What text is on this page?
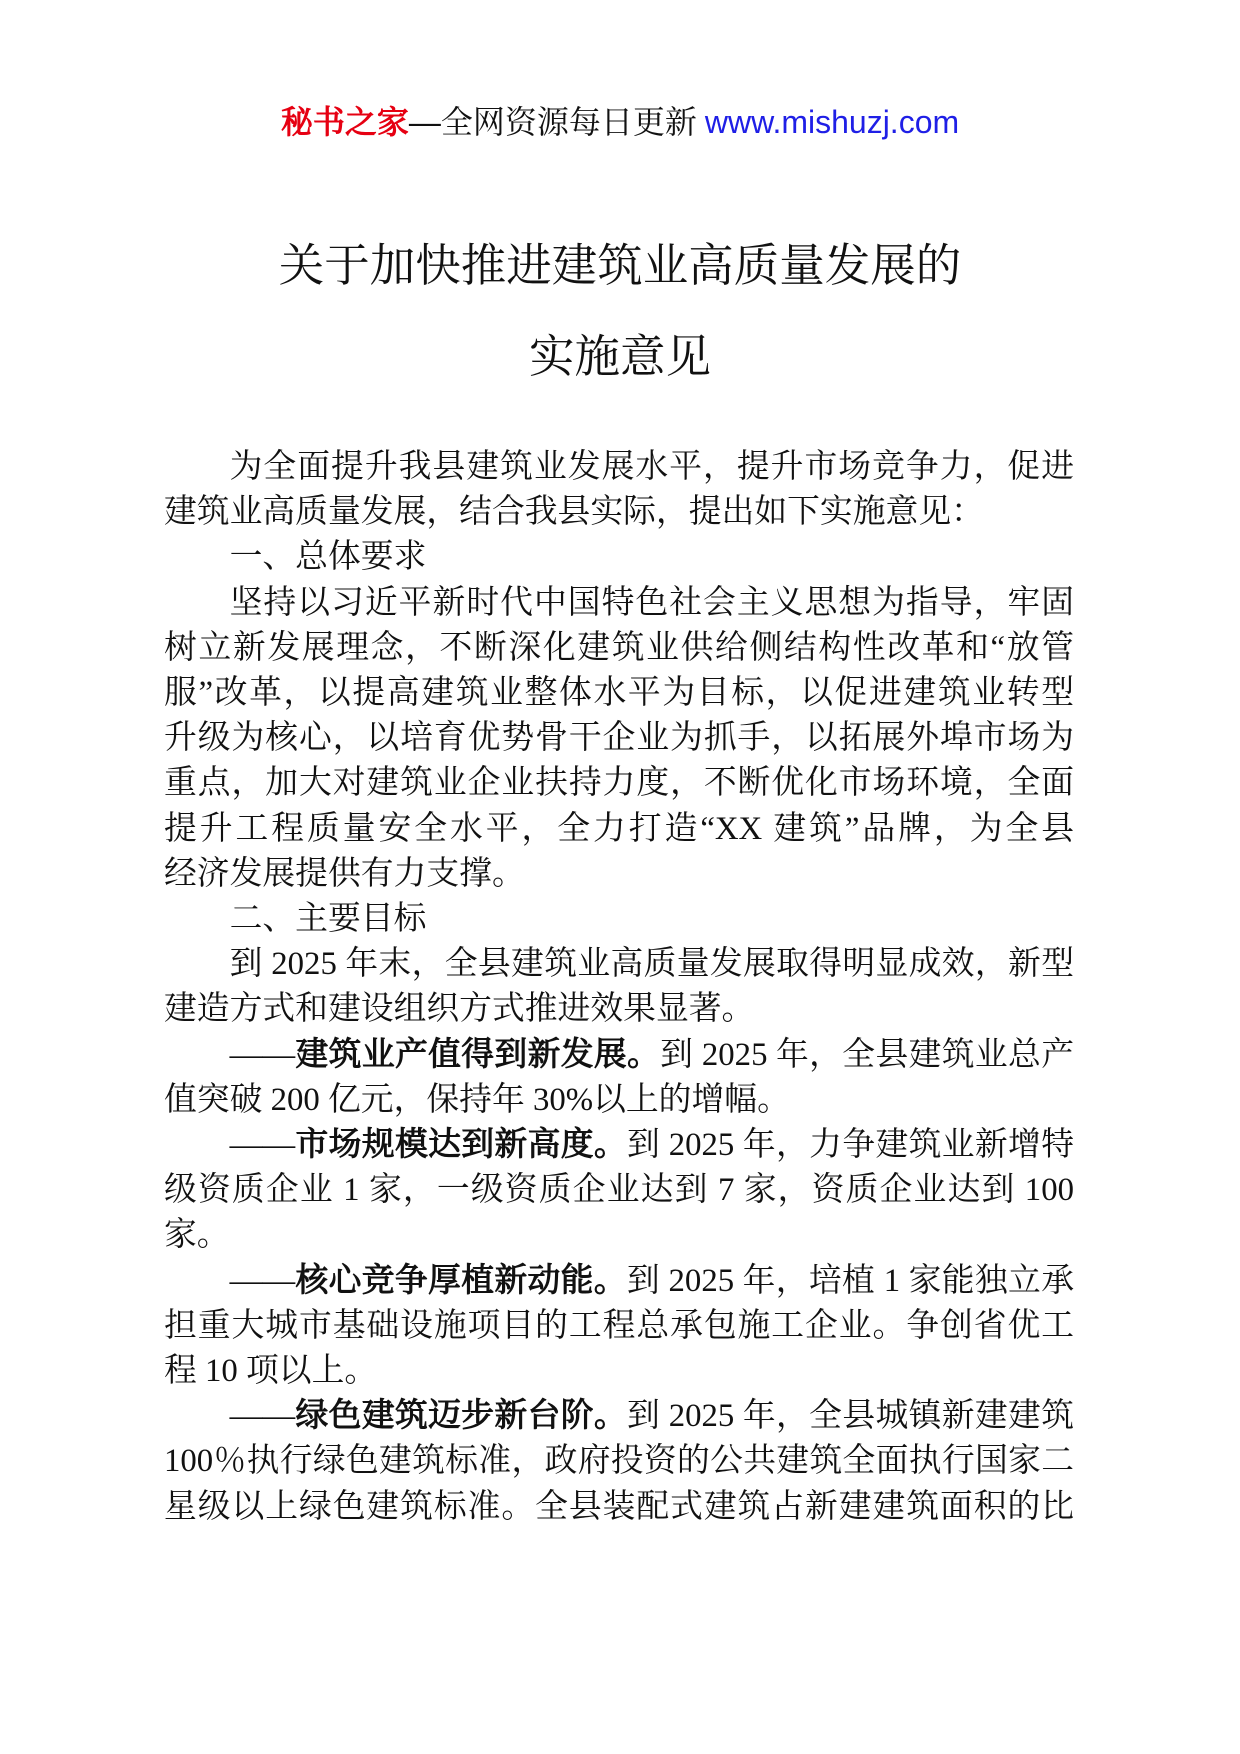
秘书之家—全网资源每日更新 www.mishuzj.com
关于加快推进建筑业高质量发展的
实施意见
为全面提升我县建筑业发展水平，提升市场竞争力，促进
建筑业高质量发展，结合我县实际，提出如下实施意见：
一、总体要求
坚持以习近平新时代中国特色社会主义思想为指导，牢固
树立新发展理念，不断深化建筑业供给侧结构性改革和“放管
服”改革，以提高建筑业整体水平为目标，以促进建筑业转型
升级为核心，以培育优势骨干企业为抓手，以拓展外埠市场为
重点，加大对建筑业企业扶持力度，不断优化市场环境，全面
提升工程质量安全水平，全力打造“XX 建筑”品牌，为全县
经济发展提供有力支撑。
二、主要目标
到 2025 年末，全县建筑业高质量发展取得明显成效，新型
建造方式和建设组织方式推进效果显著。
——建筑业产值得到新发展。到 2025 年，全县建筑业总产
值突破 200 亿元，保持年 30%以上的增幅。
——市场规模达到新高度。到 2025 年，力争建筑业新增特
级资质企业 1 家，一级资质企业达到 7 家，资质企业达到 100
家。
——核心竞争厚植新动能。到 2025 年，培植 1 家能独立承
担重大城市基础设施项目的工程总承包施工企业。争创省优工
程 10 项以上。
——绿色建筑迈步新台阶。到 2025 年，全县城镇新建建筑
100％执行绿色建筑标准，政府投资的公共建筑全面执行国家二
星级以上绿色建筑标准。全县装配式建筑占新建建筑面积的比
